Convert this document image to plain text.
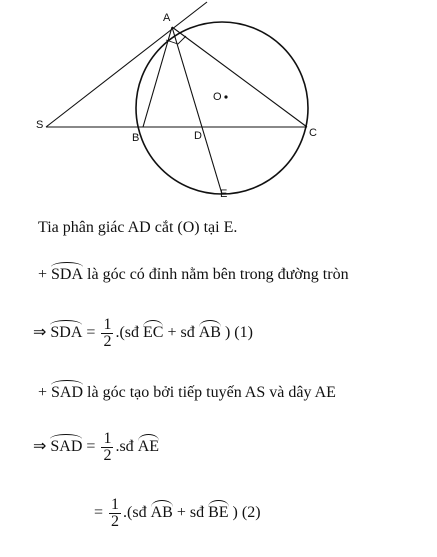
A
S
B	D	C
E
O
Tia phân giác AD cắt (O) tại E.
+ SDA là góc có đỉnh nằm bên trong đường tròn
⇒ SDA = $\frac{1}{2}$ .(sđ EC + sđ AB ) (1)
+ SAD là góc tạo bởi tiếp tuyến AS và dây AE
⇒ SAD = $\frac{1}{2}$ .sđ AE
= $\frac{1}{2}$ .(sđ AB + sđ BE ) (2)
